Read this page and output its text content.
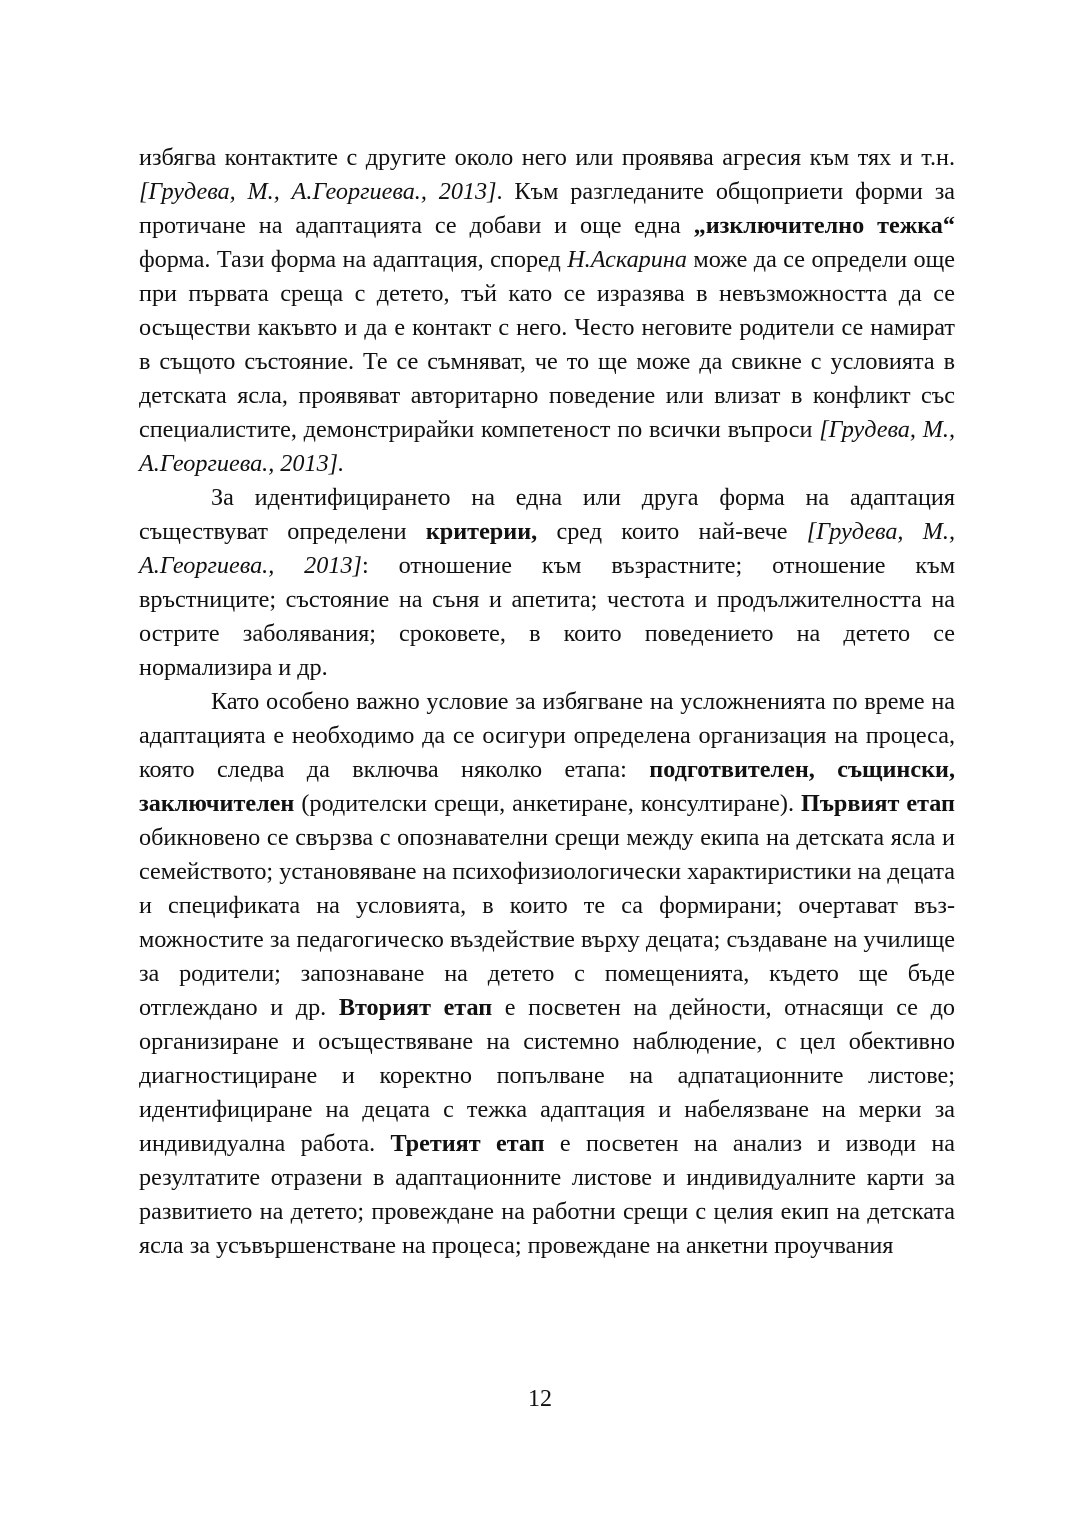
избягва контактите с другите около него или проявява агресия към тях и т.н. [Грудева, М., А.Георгиева., 2013]. Към разгледаните общоприети форми за протичане на адаптацията се добави и още една „изключително тежка“ форма. Тази форма на адаптация, според Н.Аскарина може да се определи още при първата среща с детето, тъй като се изразява в невъзможността да се осъществи какъвто и да е контакт с него. Често неговите родители се намират в същото състояние. Те се съмняват, че то ще може да свикне с условията в детската ясла, проявяват авторитарно поведение или влизат в конфликт със специалистите, демонстрирайки компетеност по всички въпроси [Грудева, М., А.Георгиева., 2013].

За идентифицирането на една или друга форма на адаптация съществуват определени критерии, сред които най-вече [Грудева, М., А.Георгиева., 2013]: отношение към възрастните; отношение към връстниците; състояние на съня и апетита; честота и продължителността на острите заболявания; сроковете, в които поведението на детето се нормализира и др.

Като особено важно условие за избягване на усложненията по време на адаптацията е необходимо да се осигури определена организация на процеса, която следва да включва няколко етапа: подготвителен, същински, заключителен (родителски срещи, анкетиране, консултиране). Първият етап обикновено се свързва с опознавателни срещи между екипа на детската ясла и семейството; установяване на психофизиологически характиристики на децата и спецификата на условията, в които те са формирани; очертават възможностите за педагогическо въздействие върху децата; създаване на училище за родители; запознаване на детето с помещенията, където ще бъде отглеждано и др. Вторият етап е посветен на дейности, отнасящи се до организиране и осъществяване на системно наблюдение, с цел обективно диагностициране и коректно попълване на адпатационните листове; идентифициране на децата с тежка адаптация и набелязване на мерки за индивидуална работа. Третият етап е посветен на анализ и изводи на резултатите отразени в адаптационните листове и индивидуалните карти за развитието на детето; провеждане на работни срещи с целия екип на детската ясла за усъвършенстване на процеса; провеждане на анкетни проучвания

12
